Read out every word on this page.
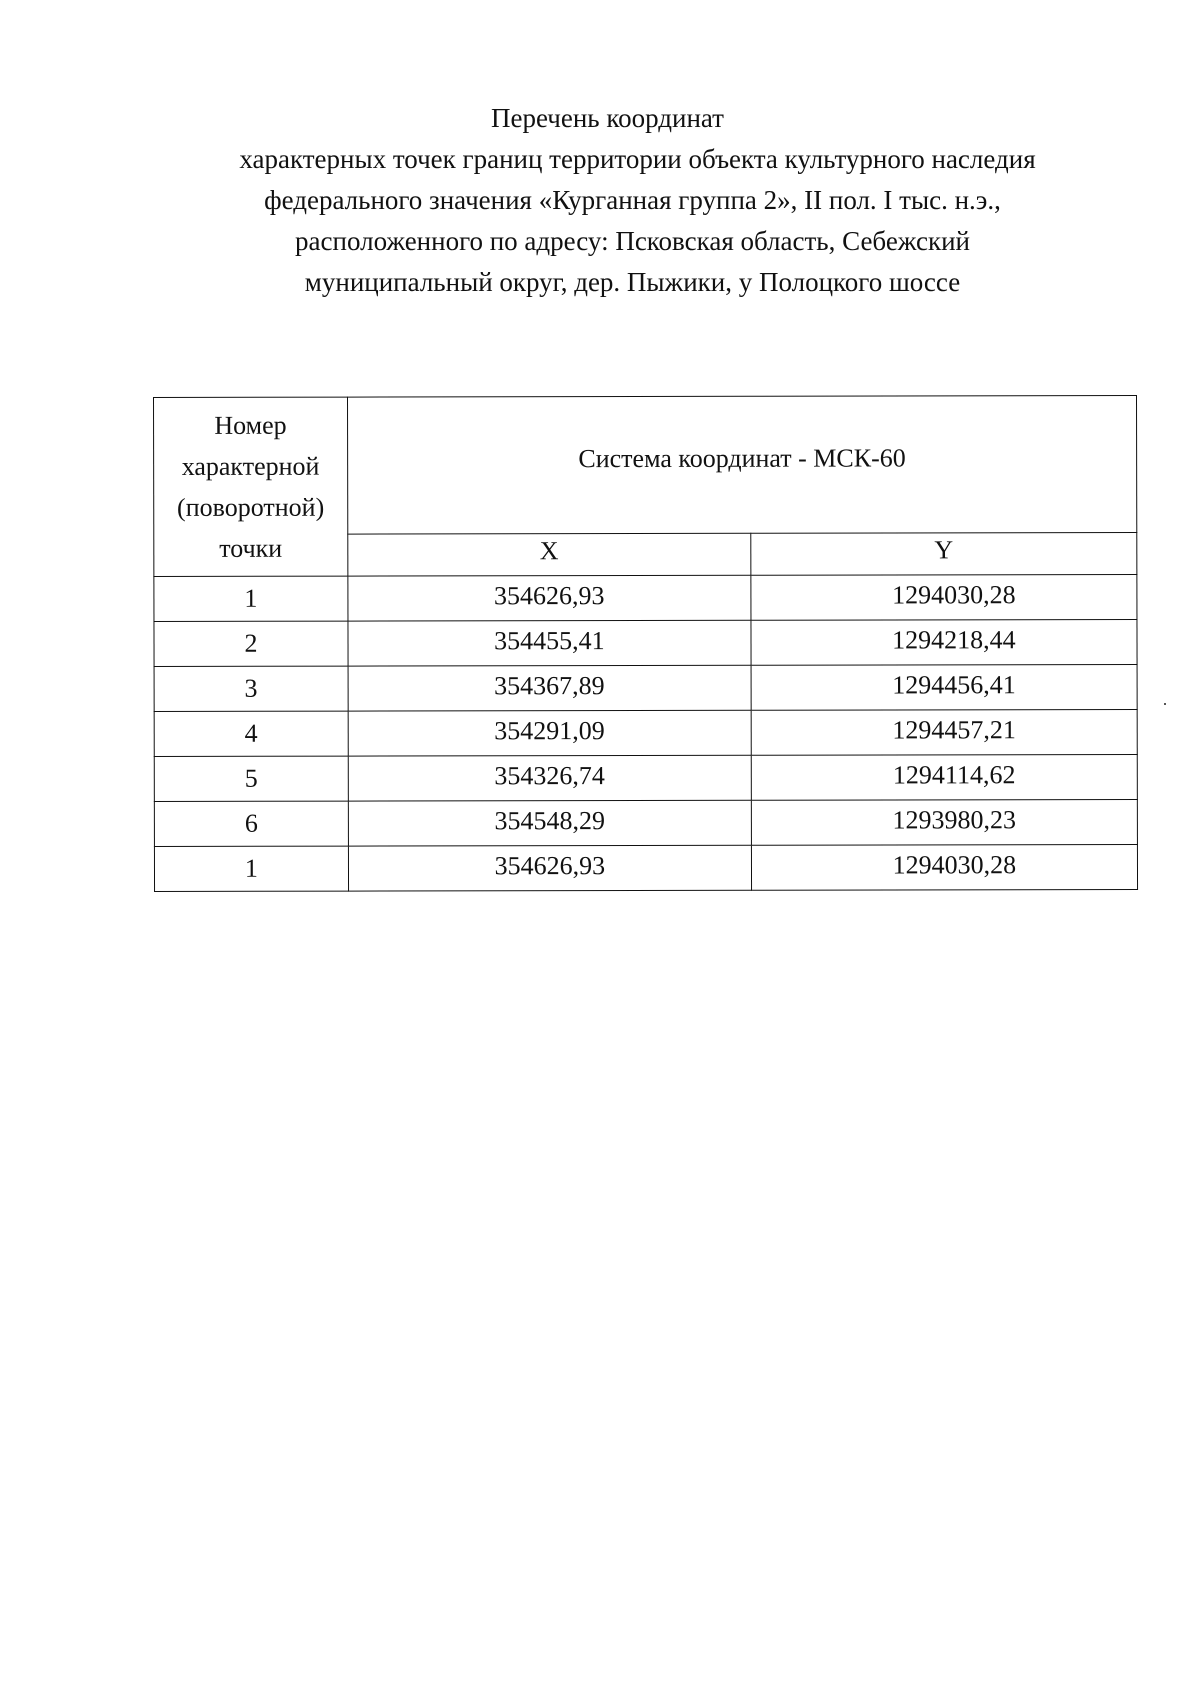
Перечень координат
характерных точек границ территории объекта культурного наследия
федерального значения «Курганная группа 2», II пол. I тыс. н.э.,
расположенного по адресу: Псковская область, Себежский
муниципальный округ, дер. Пыжики, у Полоцкого шоссе
Номер
характерной
(поворотной)
точки	Система координат - МСК-60	
	X	Y
1	354626,93	1294030,28
2	354455,41	1294218,44
3	354367,89	1294456,41
4	354291,09	1294457,21
5	354326,74	1294114,62
6	354548,29	1293980,23
1	354626,93	1294030,28
